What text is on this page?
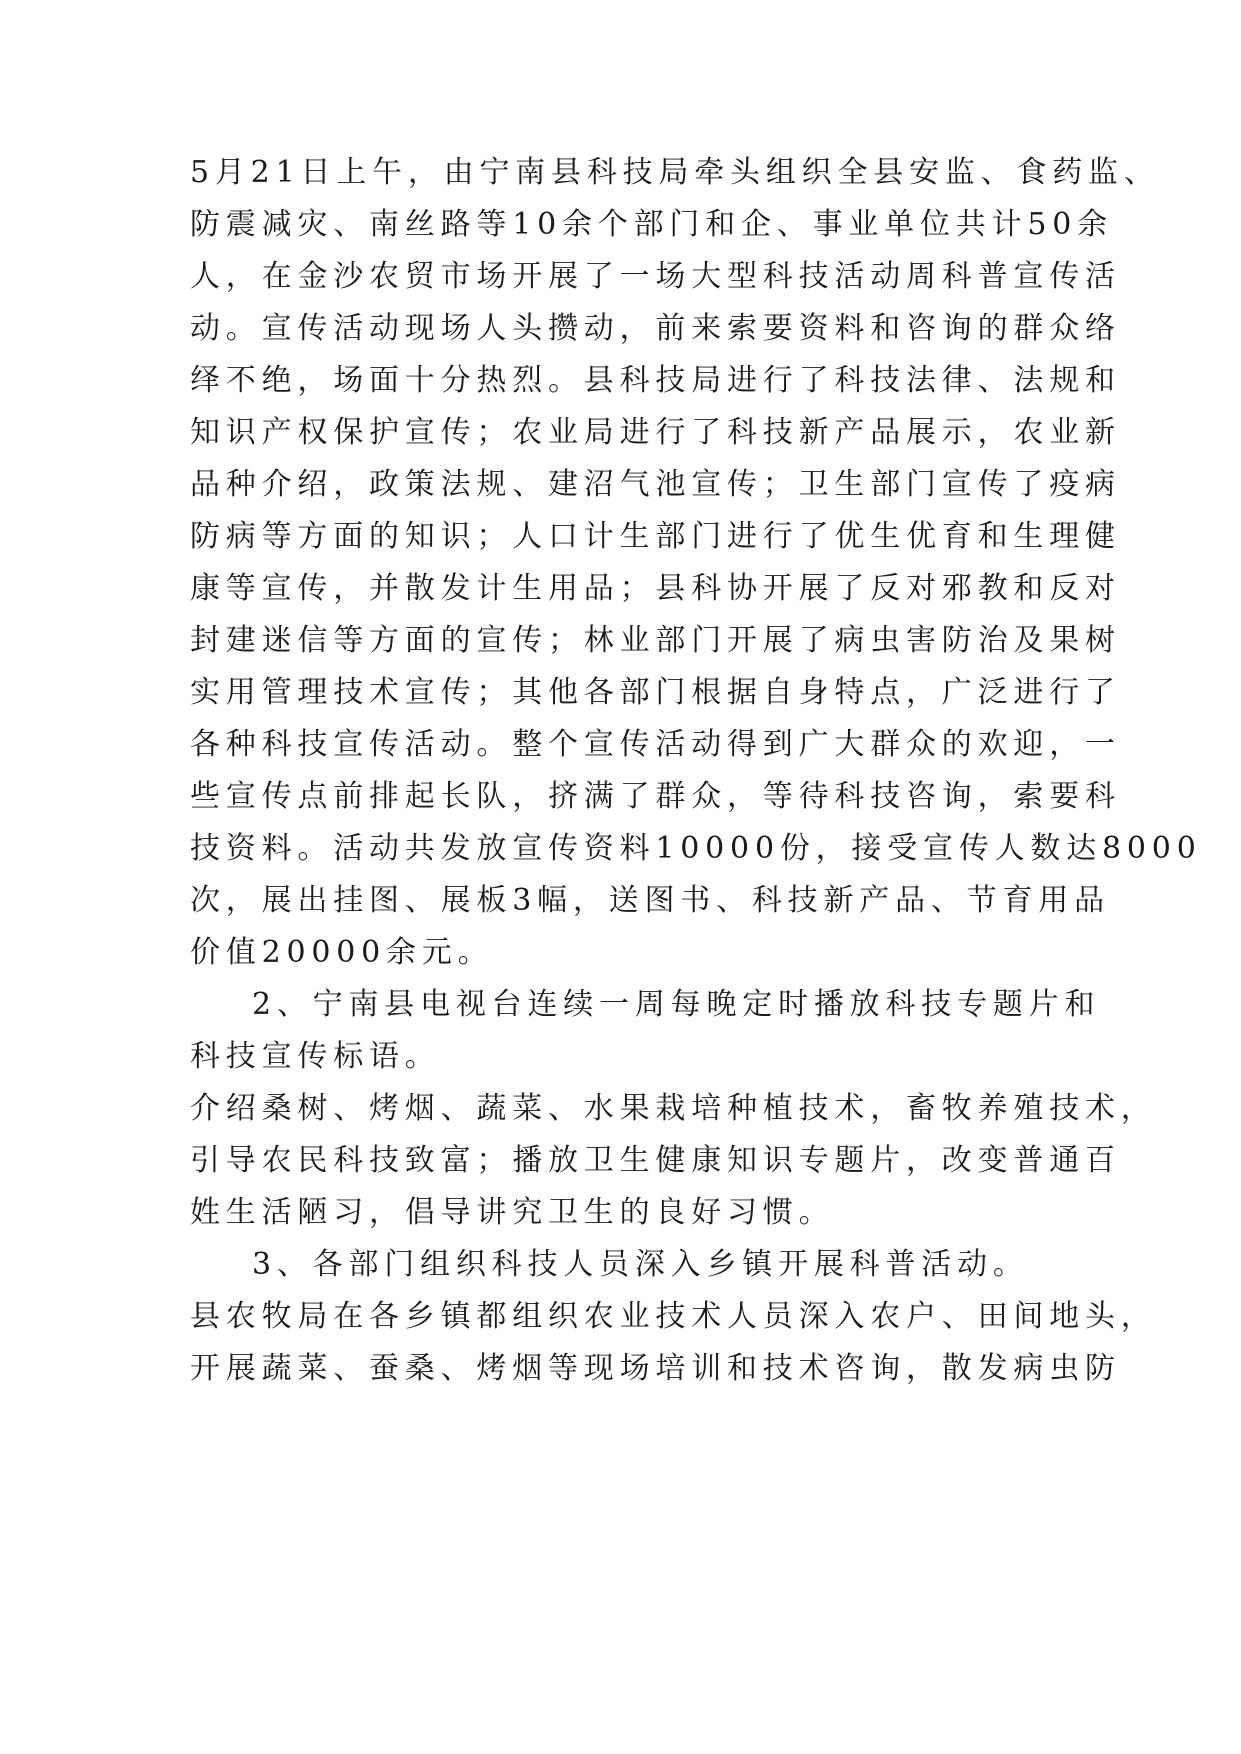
5月21日上午，由宁南县科技局牵头组织全县安监、食药监、
防震减灾、南丝路等10余个部门和企、事业单位共计50余
人，在金沙农贸市场开展了一场大型科技活动周科普宣传活
动。宣传活动现场人头攒动，前来索要资料和咨询的群众络
绎不绝，场面十分热烈。县科技局进行了科技法律、法规和
知识产权保护宣传；农业局进行了科技新产品展示，农业新
品种介绍，政策法规、建沼气池宣传；卫生部门宣传了疫病
防病等方面的知识；人口计生部门进行了优生优育和生理健
康等宣传，并散发计生用品；县科协开展了反对邪教和反对
封建迷信等方面的宣传；林业部门开展了病虫害防治及果树
实用管理技术宣传；其他各部门根据自身特点，广泛进行了
各种科技宣传活动。整个宣传活动得到广大群众的欢迎，一
些宣传点前排起长队，挤满了群众，等待科技咨询，索要科
技资料。活动共发放宣传资料10000份，接受宣传人数达8000
次，展出挂图、展板3幅，送图书、科技新产品、节育用品
价值20000余元。
2、宁南县电视台连续一周每晚定时播放科技专题片和
科技宣传标语。
介绍桑树、烤烟、蔬菜、水果栽培种植技术，畜牧养殖技术，
引导农民科技致富；播放卫生健康知识专题片，改变普通百
姓生活陋习，倡导讲究卫生的良好习惯。
3、各部门组织科技人员深入乡镇开展科普活动。
县农牧局在各乡镇都组织农业技术人员深入农户、田间地头，
开展蔬菜、蚕桑、烤烟等现场培训和技术咨询，散发病虫防
